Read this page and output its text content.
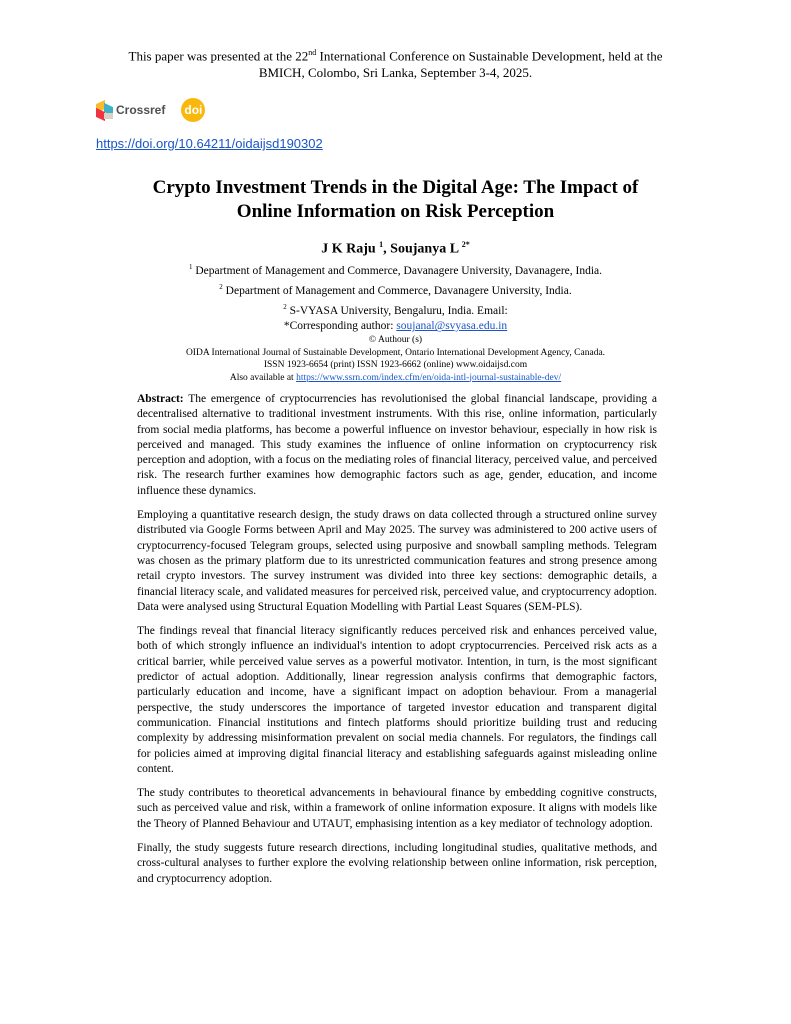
This paper was presented at the 22nd International Conference on Sustainable Development, held at the
BMICH, Colombo, Sri Lanka, September 3-4, 2025.
Crossref doi
https://doi.org/10.64211/oidaijsd190302
Crypto Investment Trends in the Digital Age: The Impact of
Online Information on Risk Perception
J K Raju $^1$, Soujanya L $^{2*}$
$^1$ Department of Management and Commerce, Davanagere University, Davanagere, India.
$^2$ Department of Management and Commerce, Davanagere University, India.
$^2$ S-VYASA University, Bengaluru, India. Email:
*Corresponding author: soujanal@svyasa.edu.in
© Authour (s)
OIDA International Journal of Sustainable Development, Ontario International Development Agency, Canada.
ISSN 1923-6654 (print) ISSN 1923-6662 (online) www.oidaijsd.com
Also available at https://www.ssrn.com/index.cfm/en/oida-intl-journal-sustainable-dev/

Abstract: The emergence of cryptocurrencies has revolutionised the global financial landscape, providing a decentralised alternative to traditional investment instruments. With this rise, online information, particularly from social media platforms, has become a powerful influence on investor behaviour, especially in how risk is perceived and managed. This study examines the influence of online information on cryptocurrency risk perception and adoption, with a focus on the mediating roles of financial literacy, perceived value, and perceived risk. The research further examines how demographic factors such as age, gender, education, and income influence these dynamics.

Employing a quantitative research design, the study draws on data collected through a structured online survey distributed via Google Forms between April and May 2025. The survey was administered to 200 active users of cryptocurrency-focused Telegram groups, selected using purposive and snowball sampling methods. Telegram was chosen as the primary platform due to its unrestricted communication features and strong presence among retail crypto investors. The survey instrument was divided into three key sections: demographic details, a financial literacy scale, and validated measures for perceived risk, perceived value, and cryptocurrency adoption. Data were analysed using Structural Equation Modelling with Partial Least Squares (SEM-PLS).

The findings reveal that financial literacy significantly reduces perceived risk and enhances perceived value, both of which strongly influence an individual's intention to adopt cryptocurrencies. Perceived risk acts as a critical barrier, while perceived value serves as a powerful motivator. Intention, in turn, is the most significant predictor of actual adoption. Additionally, linear regression analysis confirms that demographic factors, particularly education and income, have a significant impact on adoption behaviour. From a managerial perspective, the study underscores the importance of targeted investor education and transparent digital communication. Financial institutions and fintech platforms should prioritize building trust and reducing complexity by addressing misinformation prevalent on social media channels. For regulators, the findings call for policies aimed at improving digital financial literacy and establishing safeguards against misleading online content.

The study contributes to theoretical advancements in behavioural finance by embedding cognitive constructs, such as perceived value and risk, within a framework of online information exposure. It aligns with models like the Theory of Planned Behaviour and UTAUT, emphasising intention as a key mediator of technology adoption.

Finally, the study suggests future research directions, including longitudinal studies, qualitative methods, and cross-cultural analyses to further explore the evolving relationship between online information, risk perception, and cryptocurrency adoption.
